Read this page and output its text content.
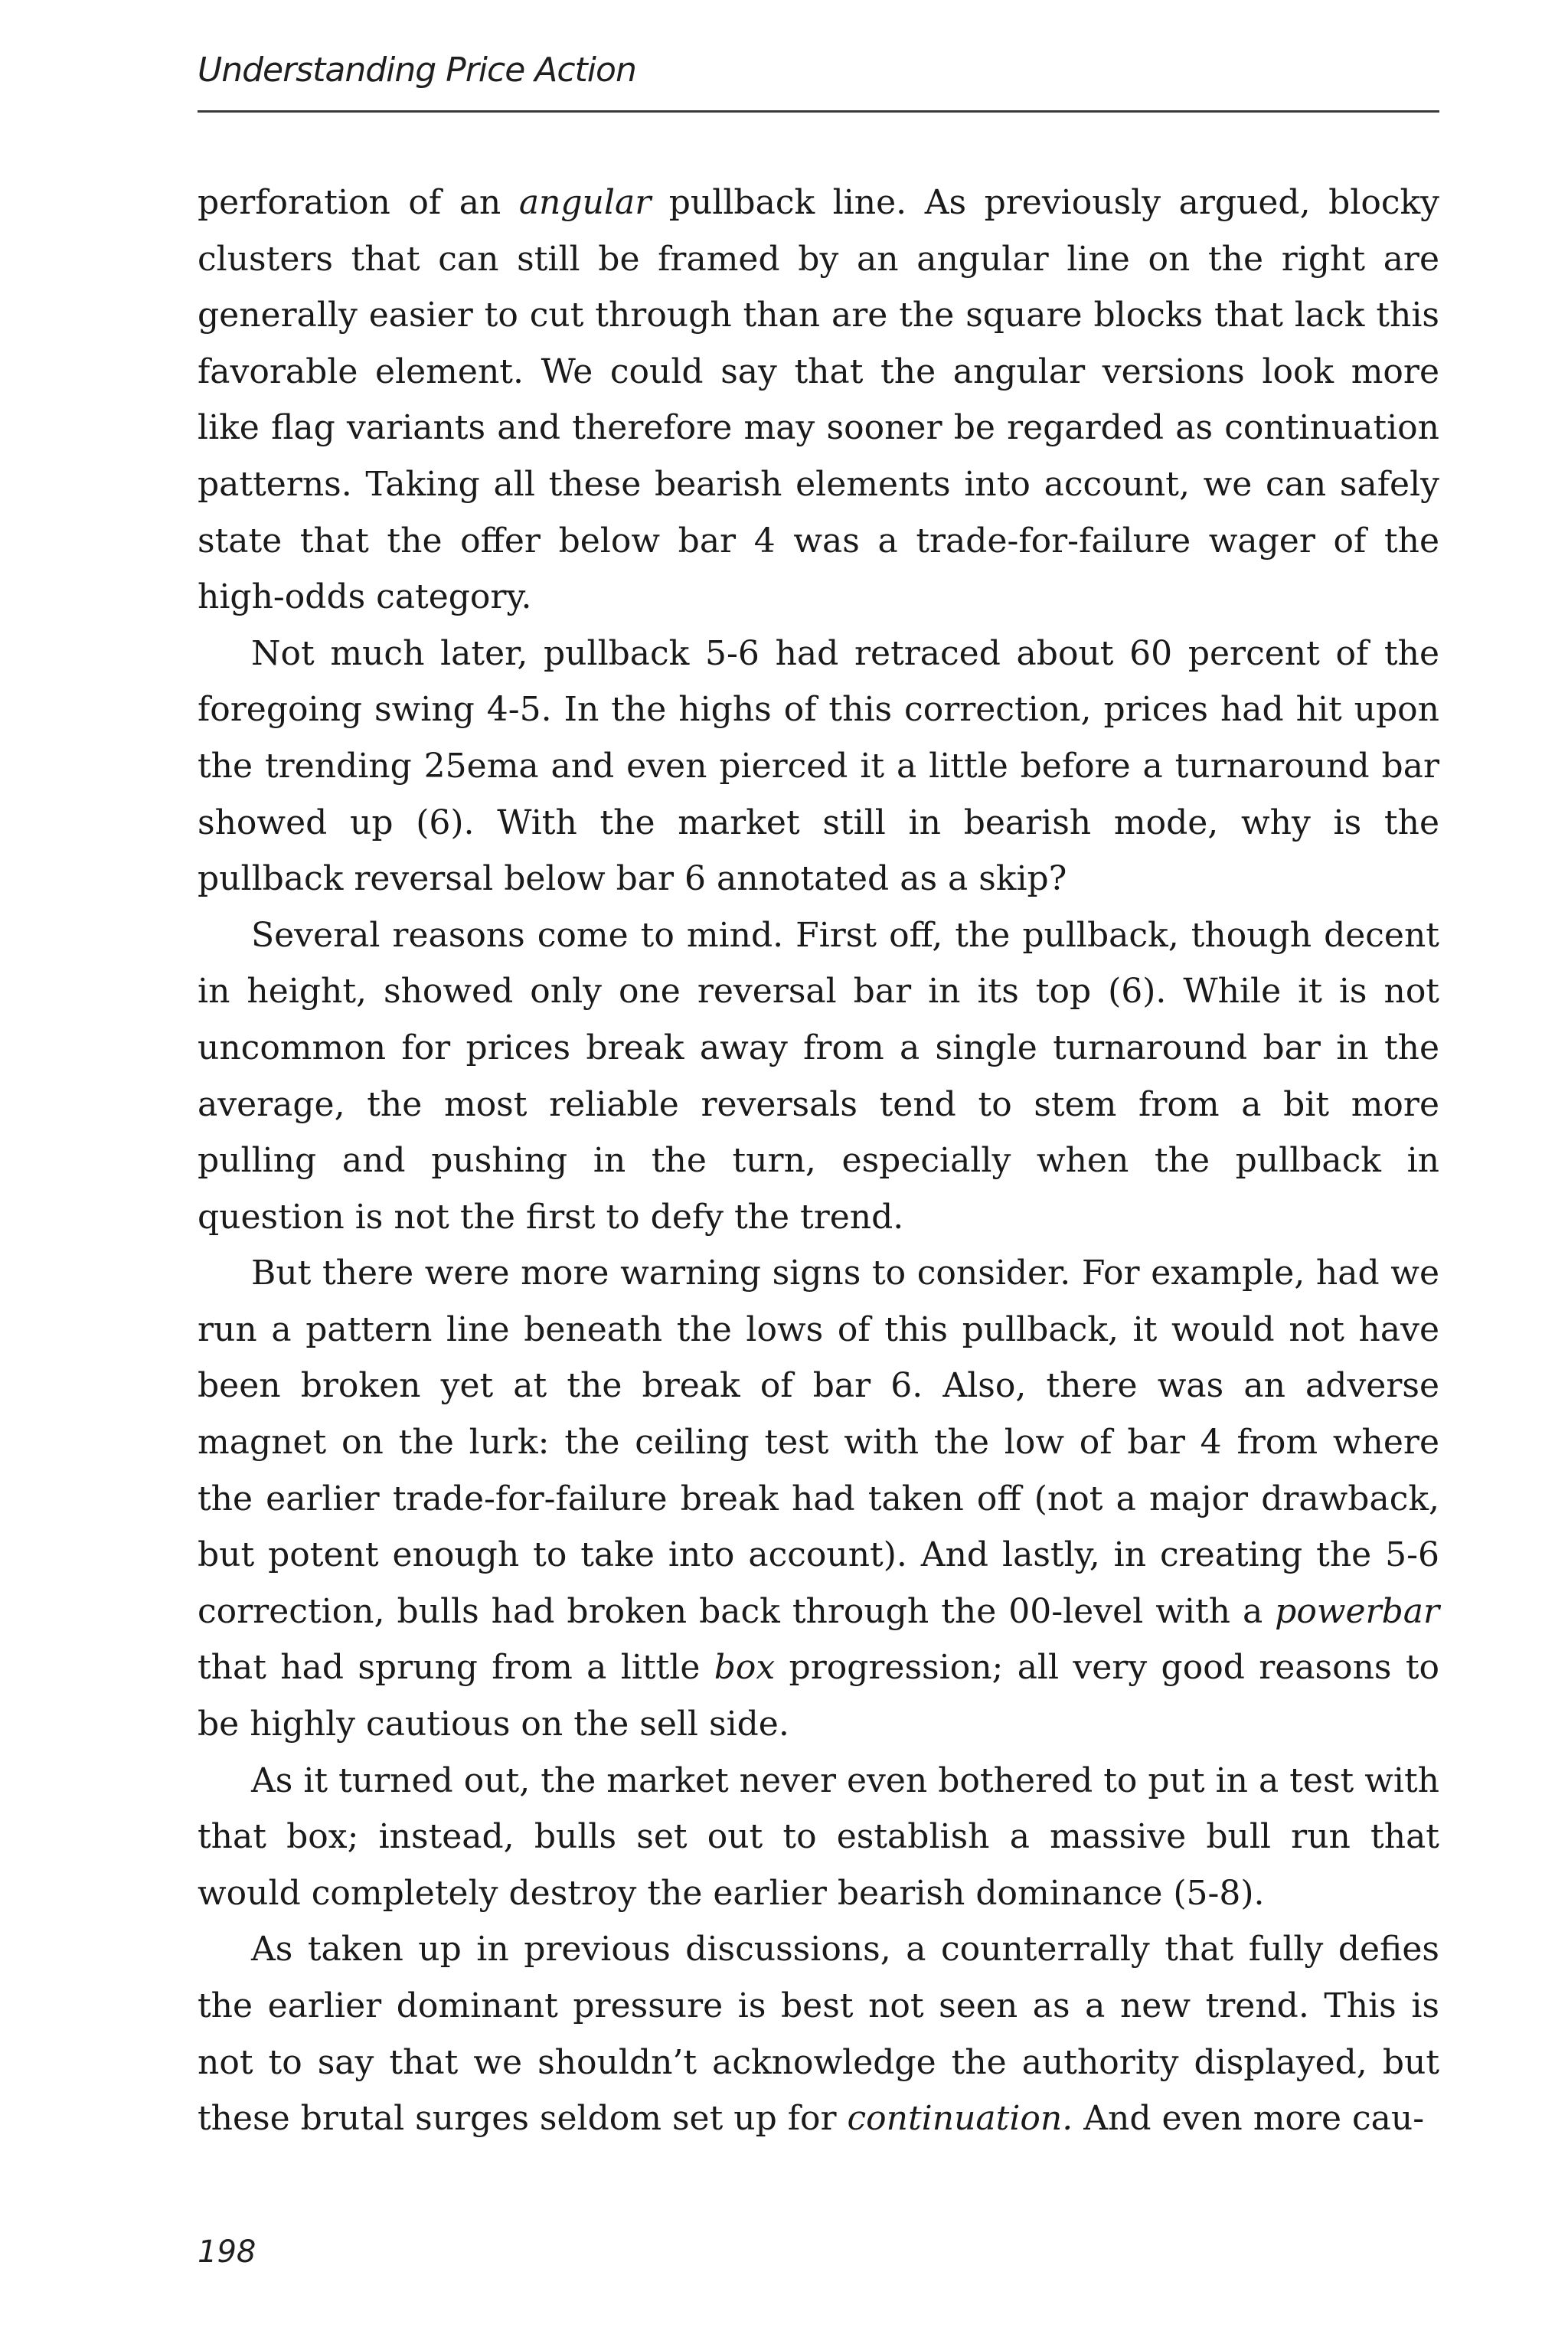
Understanding Price Action

perforation of an angular pullback line. As previously argued, blocky clusters that can still be framed by an angular line on the right are generally easier to cut through than are the square blocks that lack this favorable element. We could say that the angular versions look more like flag variants and therefore may sooner be regarded as continuation patterns. Taking all these bearish elements into account, we can safely state that the offer below bar 4 was a trade-for-failure wager of the high-odds category.

Not much later, pullback 5-6 had retraced about 60 percent of the foregoing swing 4-5. In the highs of this correction, prices had hit upon the trending 25ema and even pierced it a little before a turnaround bar showed up (6). With the market still in bearish mode, why is the pullback reversal below bar 6 annotated as a skip?

Several reasons come to mind. First off, the pullback, though decent in height, showed only one reversal bar in its top (6). While it is not uncommon for prices break away from a single turnaround bar in the average, the most reliable reversals tend to stem from a bit more pulling and pushing in the turn, especially when the pullback in question is not the first to defy the trend.

But there were more warning signs to consider. For example, had we run a pattern line beneath the lows of this pullback, it would not have been broken yet at the break of bar 6. Also, there was an adverse magnet on the lurk: the ceiling test with the low of bar 4 from where the earlier trade-for-failure break had taken off (not a major drawback, but potent enough to take into account). And lastly, in creating the 5-6 correction, bulls had broken back through the 00-level with a powerbar that had sprung from a little box progression; all very good reasons to be highly cautious on the sell side.

As it turned out, the market never even bothered to put in a test with that box; instead, bulls set out to establish a massive bull run that would completely destroy the earlier bearish dominance (5-8).

As taken up in previous discussions, a counterrally that fully defies the earlier dominant pressure is best not seen as a new trend. This is not to say that we shouldn’t acknowledge the authority displayed, but these brutal surges seldom set up for continuation. And even more cau-

198
